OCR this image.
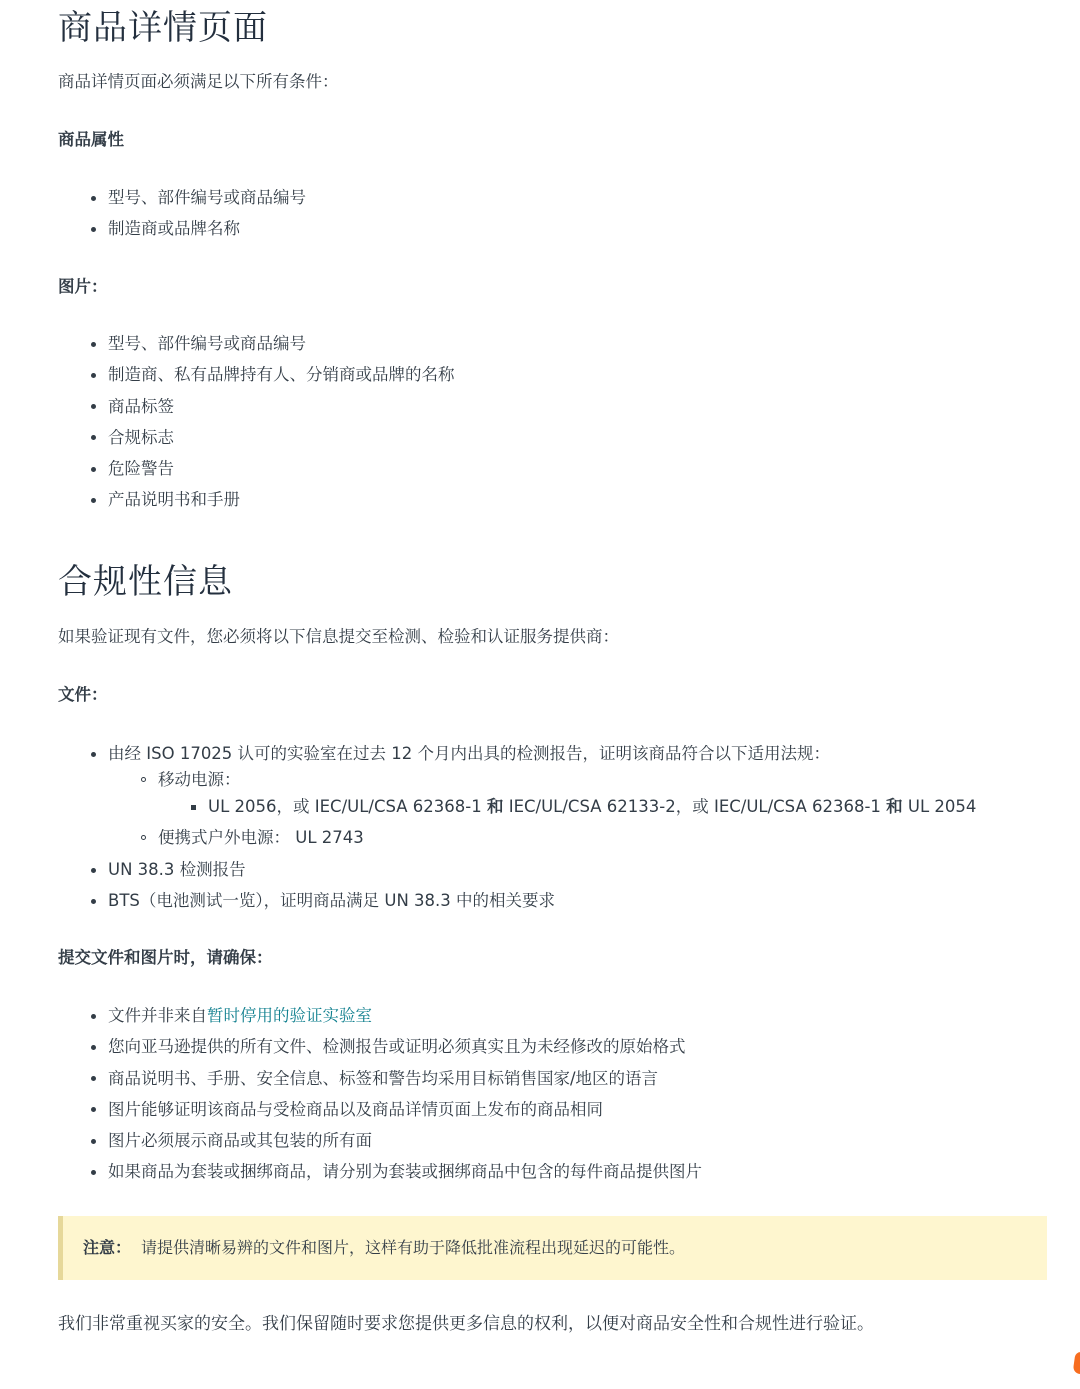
商品详情页面

商品详情页面必须满足以下所有条件：

商品属性

型号、部件编号或商品编号
制造商或品牌名称

图片：

型号、部件编号或商品编号
制造商、私有品牌持有人、分销商或品牌的名称
商品标签
合规标志
危险警告
产品说明书和手册
合规性信息

如果验证现有文件，您必须将以下信息提交至检测、检验和认证服务提供商：

文件：

由经 ISO 17025 认可的实验室在过去 12 个月内出具的检测报告，证明该商品符合以下适用法规：
移动电源：
UL 2056，或 IEC/UL/CSA 62368-1 和 IEC/UL/CSA 62133-2，或 IEC/UL/CSA 62368-1 和 UL 2054
便携式户外电源： UL 2743
UN 38.3 检测报告
BTS（电池测试一览），证明商品满足 UN 38.3 中的相关要求

提交文件和图片时，请确保：

文件并非来自暂时停用的验证实验室
您向亚马逊提供的所有文件、检测报告或证明必须真实且为未经修改的原始格式
商品说明书、手册、安全信息、标签和警告均采用目标销售国家/地区的语言
图片能够证明该商品与受检商品以及商品详情页面上发布的商品相同
图片必须展示商品或其包装的所有面
如果商品为套装或捆绑商品，请分别为套装或捆绑商品中包含的每件商品提供图片
注意： 请提供清晰易辨的文件和图片，这样有助于降低批准流程出现延迟的可能性。

我们非常重视买家的安全。我们保留随时要求您提供更多信息的权利，以便对商品安全性和合规性进行验证。
